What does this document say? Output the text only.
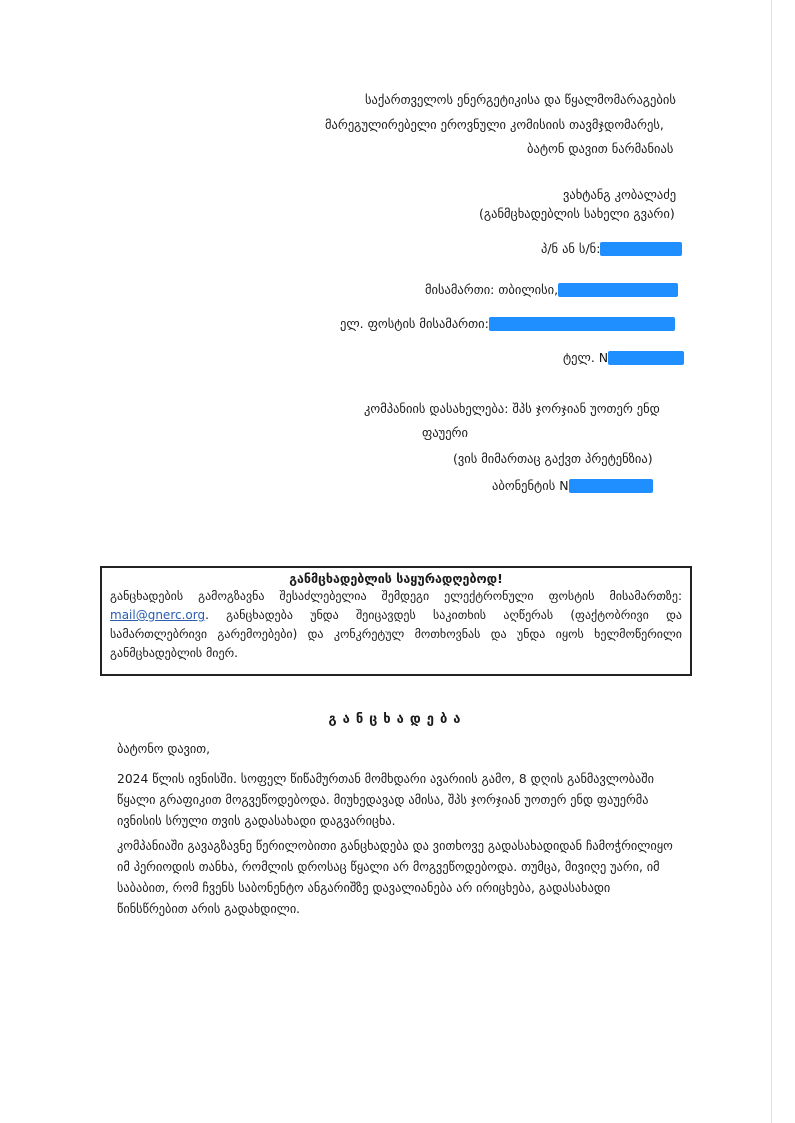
საქართველოს ენერგეტიკისა და წყალმომარაგების
მარეგულირებელი ეროვნული კომისიის თავმჯდომარეს,
ბატონ დავით ნარმანიას
ვახტანგ კობალაძე
(განმცხადებლის სახელი გვარი)
პ/ნ ან ს/ნ:
მისამართი: თბილისი,
ელ. ფოსტის მისამართი:
ტელ. N
კომპანიის დასახელება: შპს ჯორჯიან უოთერ ენდ
ფაუერი
(ვის მიმართაც გაქვთ პრეტენზია)
აბონენტის N
განმცხადებლის საყურადღებოდ!
განცხადების გამოგზავნა შესაძლებელია შემდეგი ელექტრონული ფოსტის მისამართზე: mail@gnerc.org. განცხადება უნდა შეიცავდეს საკითხის აღწერას (ფაქტობრივი და სამართლებრივი გარემოებები) და კონკრეტულ მოთხოვნას და უნდა იყოს ხელმოწერილი განმცხადებლის მიერ.
განცხადება
ბატონო დავით,
2024 წლის ივნისში. სოფელ წიწამურთან მომხდარი ავარიის გამო, 8 დღის განმავლობაში წყალი გრაფიკით მოგვეწოდებოდა. მიუხედავად ამისა, შპს ჯორჯიან უოთერ ენდ ფაუერმა ივნისის სრული თვის გადასახადი დაგვარიცხა.
კომპანიაში გავაგზავნე წერილობითი განცხადება და ვითხოვე გადასახადიდან ჩამოჭრილიყო იმ პერიოდის თანხა, რომლის დროსაც წყალი არ მოგვეწოდებოდა. თუმცა, მივიღე უარი, იმ საბაბით, რომ ჩვენს საბონენტო ანგარიშზე დავალიანება არ ირიცხება, გადასახადი წინსწრებით არის გადახდილი.
